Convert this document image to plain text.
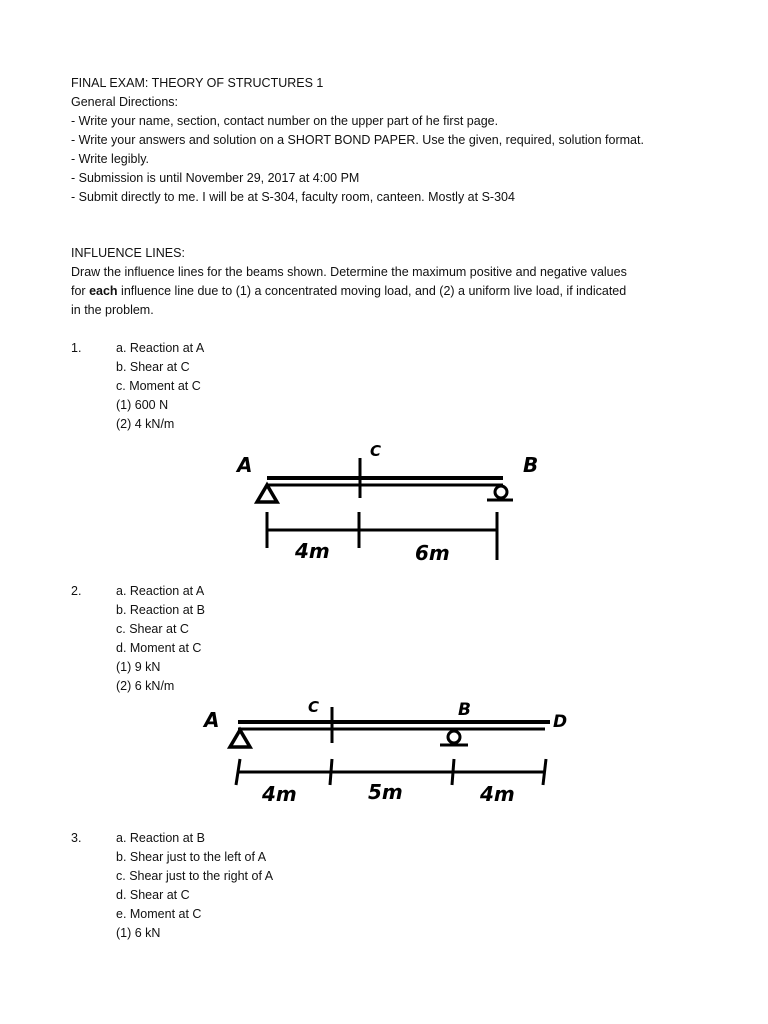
FINAL EXAM: THEORY OF STRUCTURES 1
General Directions:
- Write your name, section, contact number on the upper part of he first page.
- Write your answers and solution on a SHORT BOND PAPER. Use the given, required, solution format.
- Write legibly.
- Submission is until November 29, 2017 at 4:00 PM
- Submit directly to me. I will be at S-304, faculty room, canteen. Mostly at S-304
INFLUENCE LINES:
Draw the influence lines for the beams shown. Determine the maximum positive and negative values
for each influence line due to (1) a concentrated moving load, and (2) a uniform live load, if indicated
in the problem.
1.	a. Reaction at A
b. Shear at C
c. Moment at C
(1) 600 N
(2) 4 kN/m
A
C
B
4m	6m
2.	a. Reaction at A
b. Reaction at B
c. Shear at C
d. Moment at C
(1) 9 kN
(2) 6 kN/m
A
C	B
D
4m	5m	4m
3.	a. Reaction at B
b. Shear just to the left of A
c. Shear just to the right of A
d. Shear at C
e. Moment at C
(1) 6 kN
